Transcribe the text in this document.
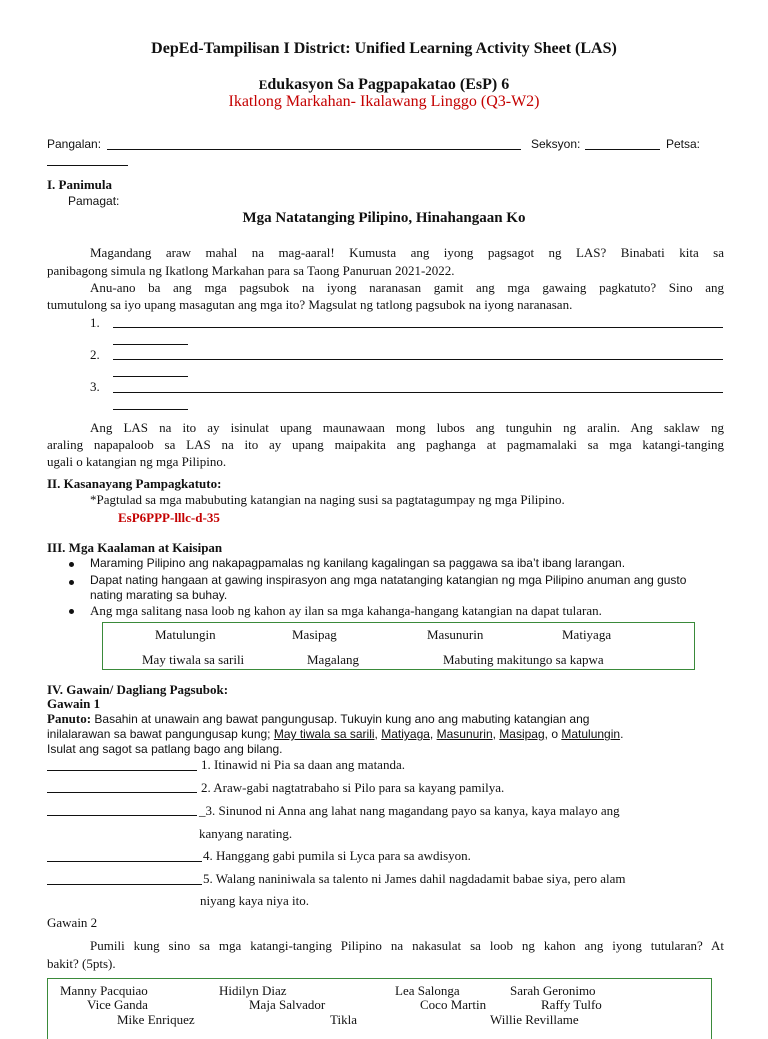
DepEd-Tampilisan I District: Unified Learning Activity Sheet (LAS)
Edukasyon Sa Pagpapakatao (EsP) 6
Ikatlong Markahan- Ikalawang Linggo (Q3-W2)
Pangalan:	Seksyon:	Petsa:
I. Panimula
Pamagat:
Mga Natatanging Pilipino, Hinahangaan Ko
Magandang araw mahal na mag-aaral! Kumusta ang iyong pagsagot ng LAS? Binabati kita sa
panibagong simula ng Ikatlong Markahan para sa Taong Panuruan 2021-2022.
Anu-ano ba ang mga pagsubok na iyong naranasan gamit ang mga gawaing pagkatuto? Sino ang
tumutulong sa iyo upang masagutan ang mga ito? Magsulat ng tatlong pagsubok na iyong naranasan.
1.
2.
3.
Ang LAS na ito ay isinulat upang maunawaan mong lubos ang tunguhin ng aralin. Ang saklaw ng
araling napapaloob sa LAS na ito ay upang maipakita ang paghanga at pagmamalaki sa mga katangi-tanging
ugali o katangian ng mga Pilipino.
II. Kasanayang Pampagkatuto:
*Pagtulad sa mga mabubuting katangian na naging susi sa pagtatagumpay ng mga Pilipino.
EsP6PPP-lllc-d-35
III. Mga Kaalaman at Kaisipan
Maraming Pilipino ang nakapagpamalas ng kanilang kagalingan sa paggawa sa iba’t ibang larangan.
Dapat nating hangaan at gawing inspirasyon ang mga natatanging katangian ng mga Pilipino anuman ang gusto
nating marating sa buhay.
Ang mga salitang nasa loob ng kahon ay ilan sa mga kahanga-hangang katangian na dapat tularan.
Matulungin	Masipag	Masunurin	Matiyaga
May tiwala sa sarili	Magalang	Mabuting makitungo sa kapwa
IV. Gawain/ Dagliang Pagsubok:
Gawain 1
Panuto: Basahin at unawain ang bawat pangungusap. Tukuyin kung ano ang mabuting katangian ang
inilalarawan sa bawat pangungusap kung; May tiwala sa sarili, Matiyaga, Masunurin, Masipag, o Matulungin.
Isulat ang sagot sa patlang bago ang bilang.
1. Itinawid ni Pia sa daan ang matanda.
2. Araw-gabi nagtatrabaho si Pilo para sa kayang pamilya.
_3. Sinunod ni Anna ang lahat nang magandang payo sa kanya, kaya malayo ang
kanyang narating.
4. Hanggang gabi pumila si Lyca para sa awdisyon.
5. Walang naniniwala sa talento ni James dahil nagdadamit babae siya, pero alam
niyang kaya niya ito.
Gawain 2
Pumili kung sino sa mga katangi-tanging Pilipino na nakasulat sa loob ng kahon ang iyong tutularan? At
bakit? (5pts).
Manny Pacquiao	Hidilyn Diaz	Lea Salonga	Sarah Geronimo
Vice Ganda	Maja Salvador	Coco Martin	Raffy Tulfo
Mike Enriquez	Tikla	Willie Revillame
